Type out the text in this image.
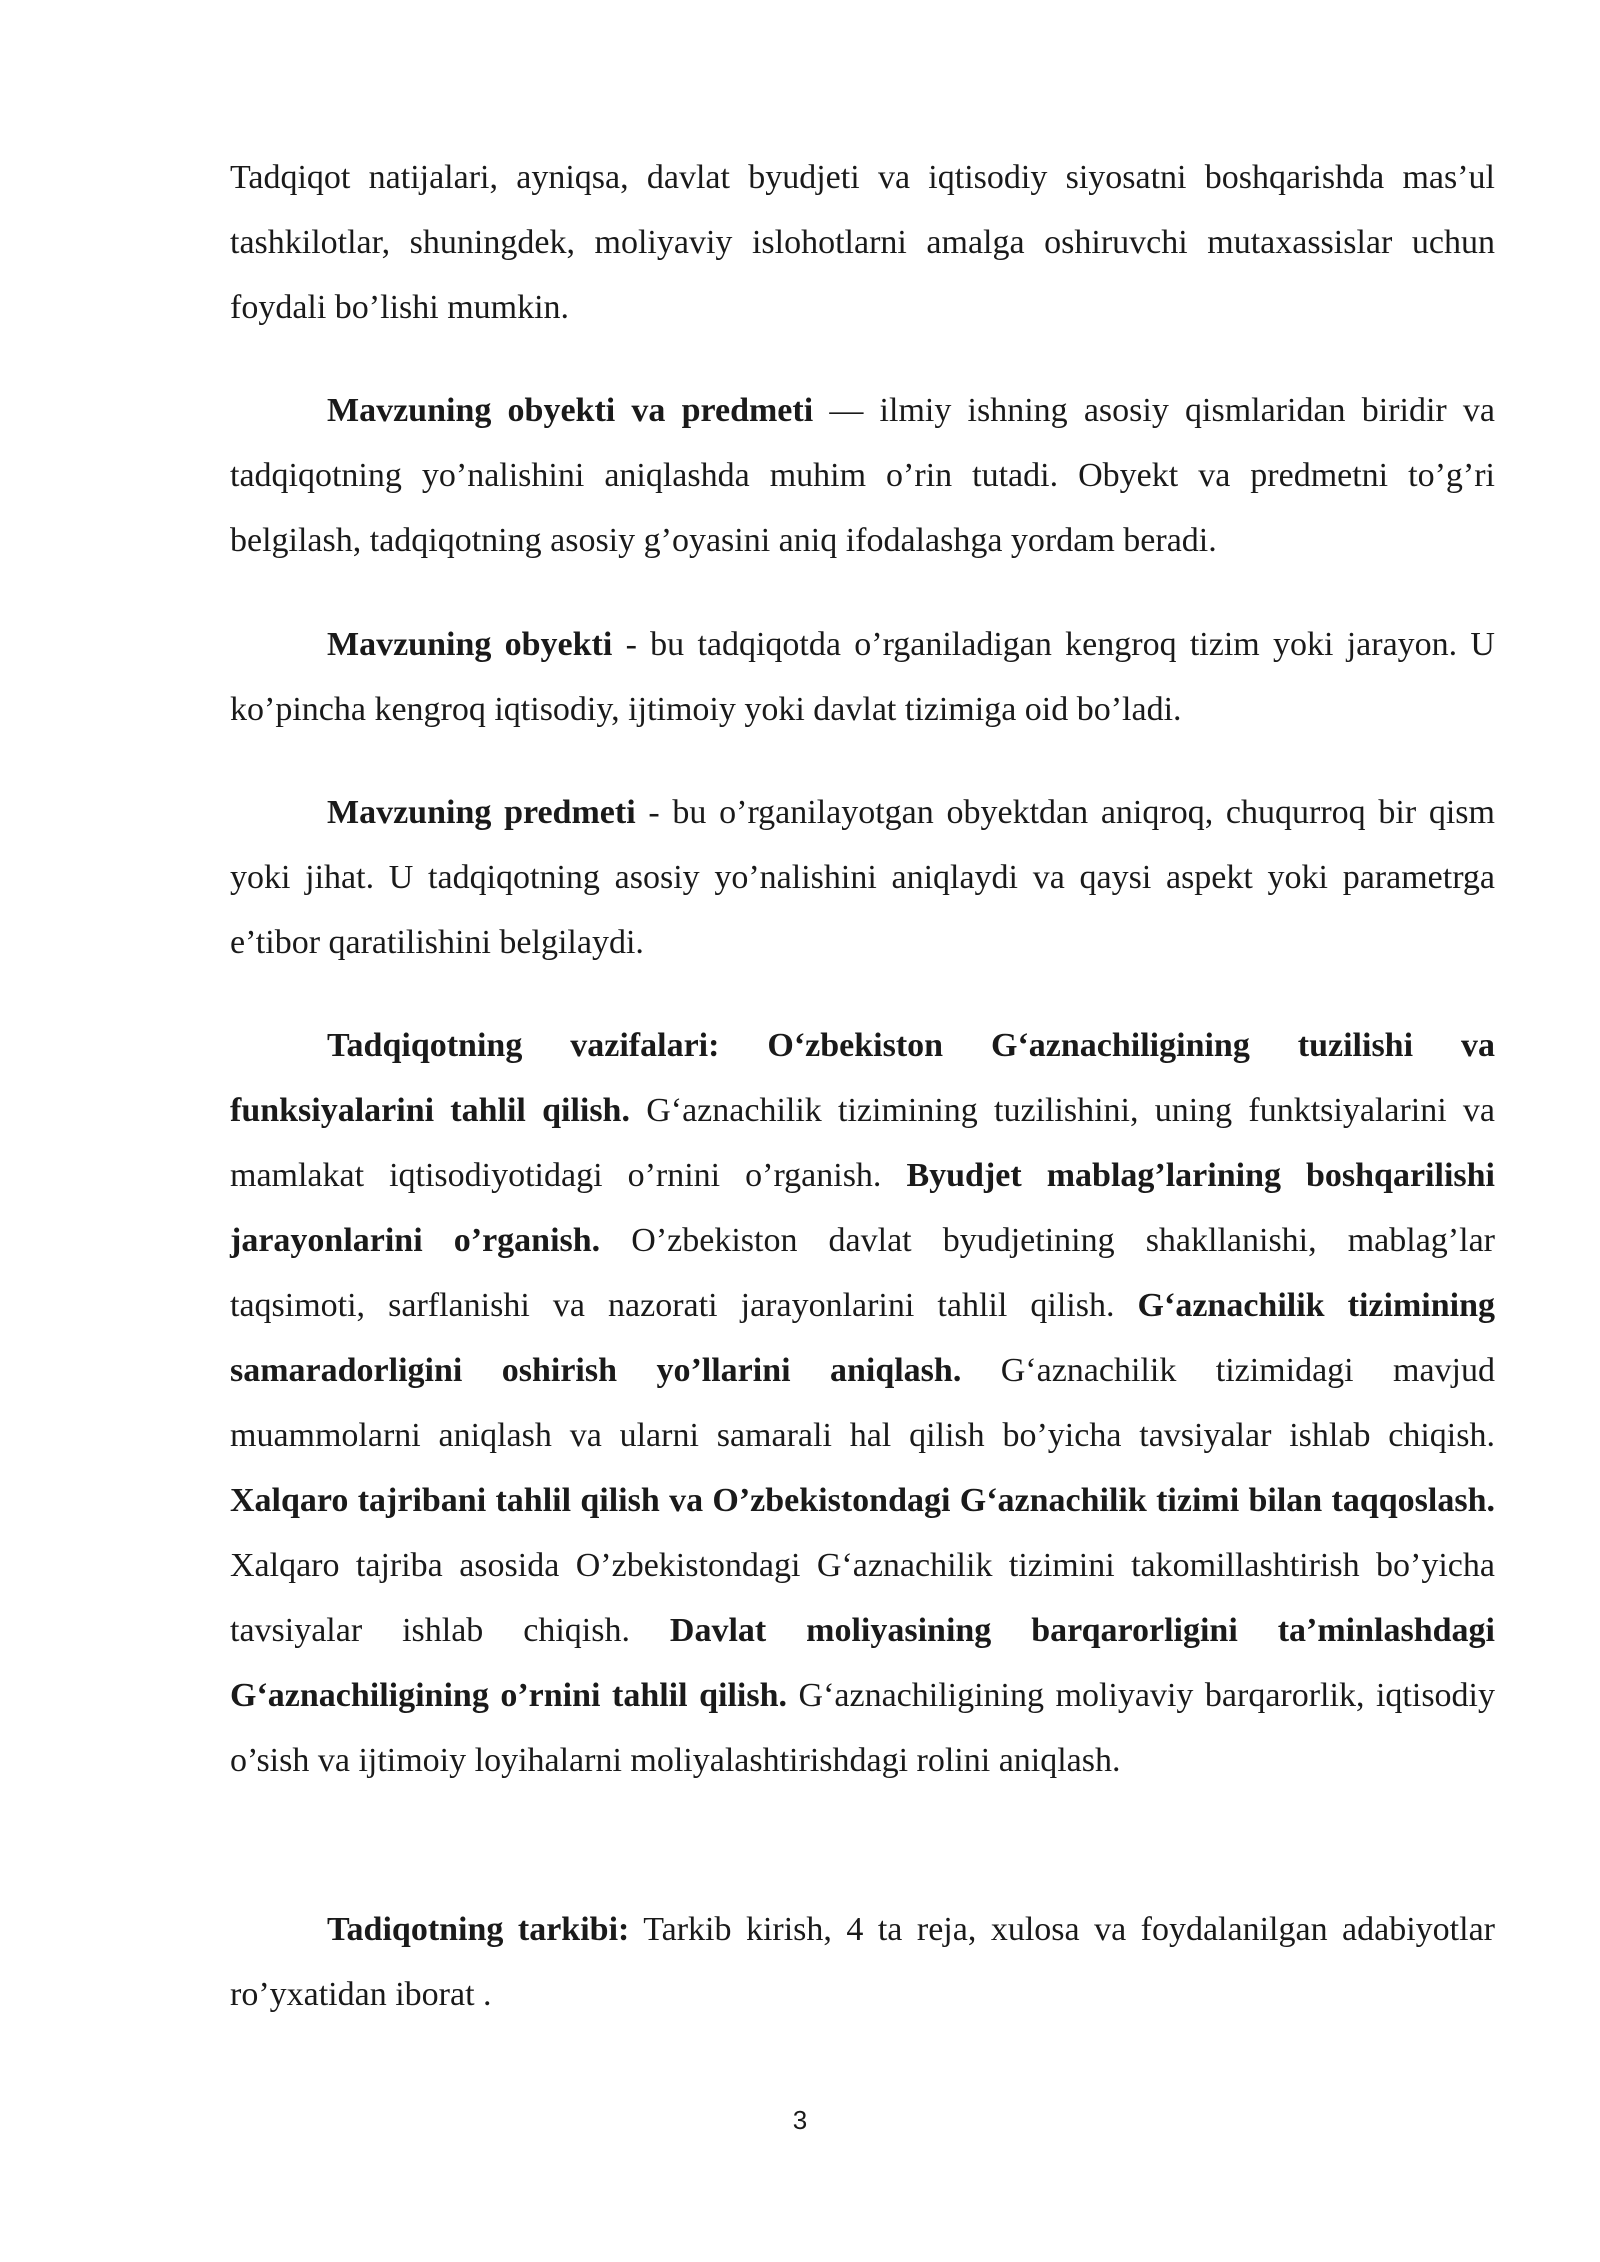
Tadqiqot natijalari, ayniqsa, davlat byudjeti va iqtisodiy siyosatni boshqarishda mas’ul tashkilotlar, shuningdek, moliyaviy islohotlarni amalga oshiruvchi mutaxassislar uchun foydali bo’lishi mumkin.

Mavzuning obyekti va predmeti — ilmiy ishning asosiy qismlaridan biridir va tadqiqotning yo’nalishini aniqlashda muhim o’rin tutadi. Obyekt va predmetni to’g’ri belgilash, tadqiqotning asosiy g’oyasini aniq ifodalashga yordam beradi.

Mavzuning obyekti - bu tadqiqotda o’rganiladigan kengroq tizim yoki jarayon. U ko’pincha kengroq iqtisodiy, ijtimoiy yoki davlat tizimiga oid bo’ladi.

Mavzuning predmeti - bu o’rganilayotgan obyektdan aniqroq, chuqurroq bir qism yoki jihat. U tadqiqotning asosiy yo’nalishini aniqlaydi va qaysi aspekt yoki parametrga e’tibor qaratilishini belgilaydi.

Tadqiqotning vazifalari: O‘zbekiston G‘aznachiligining tuzilishi va funksiyalarini tahlil qilish. G‘aznachilik tizimining tuzilishini, uning funktsiyalarini va mamlakat iqtisodiyotidagi o’rnini o’rganish. Byudjet mablag’larining boshqarilishi jarayonlarini o’rganish. O’zbekiston davlat byudjetining shakllanishi, mablag’lar taqsimoti, sarflanishi va nazorati jarayonlarini tahlil qilish. G‘aznachilik tizimining samaradorligini oshirish yo’llarini aniqlash. G‘aznachilik tizimidagi mavjud muammolarni aniqlash va ularni samarali hal qilish bo’yicha tavsiyalar ishlab chiqish. Xalqaro tajribani tahlil qilish va O’zbekistondagi G‘aznachilik tizimi bilan taqqoslash. Xalqaro tajriba asosida O’zbekistondagi G‘aznachilik tizimini takomillashtirish bo’yicha tavsiyalar ishlab chiqish. Davlat moliyasining barqarorligini ta’minlashdagi G‘aznachiligining o’rnini tahlil qilish. G‘aznachiligining moliyaviy barqarorlik, iqtisodiy o’sish va ijtimoiy loyihalarni moliyalashtirishdagi rolini aniqlash.

Tadiqotning tarkibi: Tarkib kirish, 4 ta reja, xulosa va foydalanilgan adabiyotlar ro’yxatidan iborat .

3
